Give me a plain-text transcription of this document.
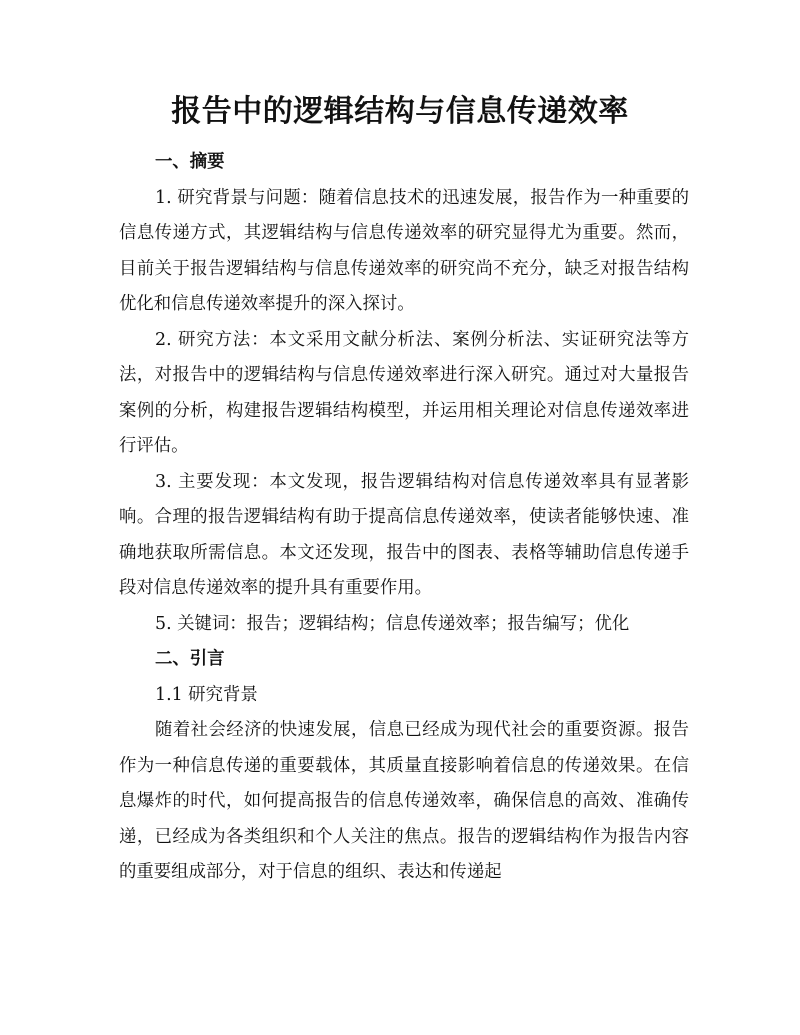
报告中的逻辑结构与信息传递效率

一、摘要

1. 研究背景与问题：随着信息技术的迅速发展，报告作为一种重要的信息传递方式，其逻辑结构与信息传递效率的研究显得尤为重要。然而，目前关于报告逻辑结构与信息传递效率的研究尚不充分，缺乏对报告结构优化和信息传递效率提升的深入探讨。

2. 研究方法：本文采用文献分析法、案例分析法、实证研究法等方法，对报告中的逻辑结构与信息传递效率进行深入研究。通过对大量报告案例的分析，构建报告逻辑结构模型，并运用相关理论对信息传递效率进行评估。

3. 主要发现：本文发现，报告逻辑结构对信息传递效率具有显著影响。合理的报告逻辑结构有助于提高信息传递效率，使读者能够快速、准确地获取所需信息。本文还发现，报告中的图表、表格等辅助信息传递手段对信息传递效率的提升具有重要作用。

5. 关键词：报告；逻辑结构；信息传递效率；报告编写；优化

二、引言

1.1 研究背景

随着社会经济的快速发展，信息已经成为现代社会的重要资源。报告作为一种信息传递的重要载体，其质量直接影响着信息的传递效果。在信息爆炸的时代，如何提高报告的信息传递效率，确保信息的高效、准确传递，已经成为各类组织和个人关注的焦点。报告的逻辑结构作为报告内容的重要组成部分，对于信息的组织、表达和传递起
